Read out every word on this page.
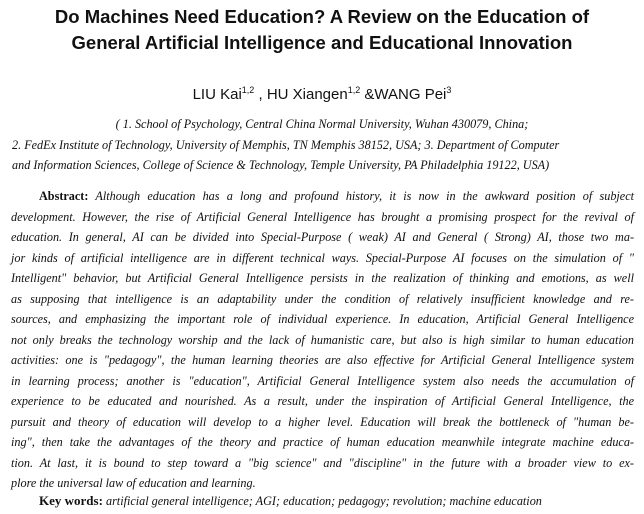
Do Machines Need Education? A Review on the Education of
General Artificial Intelligence and Educational Innovation
LIU Kai$^{1,2}$ , HU Xiangen$^{1,2}$ &WANG Pei$^3$
( 1. School of Psychology, Central China Normal University, Wuhan 430079, China;
2. FedEx Institute of Technology, University of Memphis, TN Memphis 38152, USA; 3. Department of Computer
and Information Sciences, College of Science & Technology, Temple University, PA Philadelphia 19122, USA)
Abstract: Although education has a long and profound history, it is now in the awkward position of subject
development. However, the rise of Artificial General Intelligence has brought a promising prospect for the revival of
education. In general, AI can be divided into Special-Purpose ( weak) AI and General ( Strong) AI, those two ma-
jor kinds of artificial intelligence are in different technical ways. Special-Purpose AI focuses on the simulation of "
Intelligent" behavior, but Artificial General Intelligence persists in the realization of thinking and emotions, as well
as supposing that intelligence is an adaptability under the condition of relatively insufficient knowledge and re-
sources, and emphasizing the important role of individual experience. In education, Artificial General Intelligence
not only breaks the technology worship and the lack of humanistic care, but also is high similar to human education
activities: one is "pedagogy", the human learning theories are also effective for Artificial General Intelligence system
in learning process; another is "education", Artificial General Intelligence system also needs the accumulation of
experience to be educated and nourished. As a result, under the inspiration of Artificial General Intelligence, the
pursuit and theory of education will develop to a higher level. Education will break the bottleneck of "human be-
ing", then take the advantages of the theory and practice of human education meanwhile integrate machine educa-
tion. At last, it is bound to step toward a "big science" and "discipline" in the future with a broader view to ex-
plore the universal law of education and learning.
Key words: artificial general intelligence; AGI; education; pedagogy; revolution; machine education
